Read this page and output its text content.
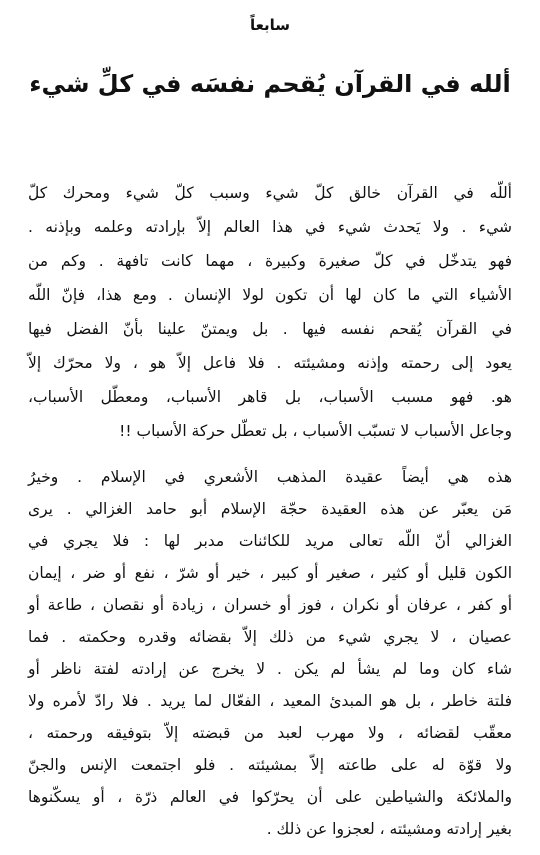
سابعاً
ألله في القرآن يُقحم نفسَه في كلِّ شيء
أللّه في القرآن خالق كلّ شيء وسبب كلّ شيء ومحرك كلّ
شيء . ولا يَحدث شيء في هذا العالم إلاّ بإرادته وعلمه وبإذنه .
فهو يتدخّل في كلّ صغيرة وكبيرة ، مهما كانت تافهة . وكم من
الأشياء التي ما كان لها أن تكون لولا الإنسان . ومع هذا، فإنّ اللّه
في القرآن يُقحم نفسه فيها . بل ويمتنّ علينا بأنّ الفضل فيها
يعود إلى رحمته وإذنه ومشيئته . فلا فاعل إلاّ هو ، ولا محرّك إلاّ
هو. فهو مسبب الأسباب، بل قاهر الأسباب، ومعطّل الأسباب،
وجاعل الأسباب لا تسبّب الأسباب ، بل تعطّل حركة الأسباب !!
هذه هي أيضاً عقيدة المذهب الأشعري في الإسلام . وخيرُ
مَن يعبّر عن هذه العقيدة حجّة الإسلام أبو حامد الغزالي . يرى
الغزالي أنّ اللّه تعالى مريد للكائنات مدبر لها : فلا يجري في
الكون قليل أو كثير ، صغير أو كبير ، خير أو شرّ ، نفع أو ضر ، إيمان
أو كفر ، عرفان أو نكران ، فوز أو خسران ، زيادة أو نقصان ، طاعة أو
عصيان ، لا يجري شيء من ذلك إلاّ بقضائه وقدره وحكمته . فما
شاء كان وما لم يشأ لم يكن . لا يخرج عن إرادته لفتة ناظر أو
فلتة خاطر ، بل هو المبدئ المعيد ، الفعّال لما يريد . فلا رادّ لأمره ولا
معقّب لقضائه ، ولا مهرب لعبد من قبضته إلاّ بتوفيقه ورحمته ،
ولا قوّة له على طاعته إلاّ بمشيئته . فلو اجتمعت الإنس والجنّ
والملائكة والشياطين على أن يحرّكوا في العالم ذرّة ، أو يسكّنوها
بغير إرادته ومشيئته ، لعجزوا عن ذلك .
